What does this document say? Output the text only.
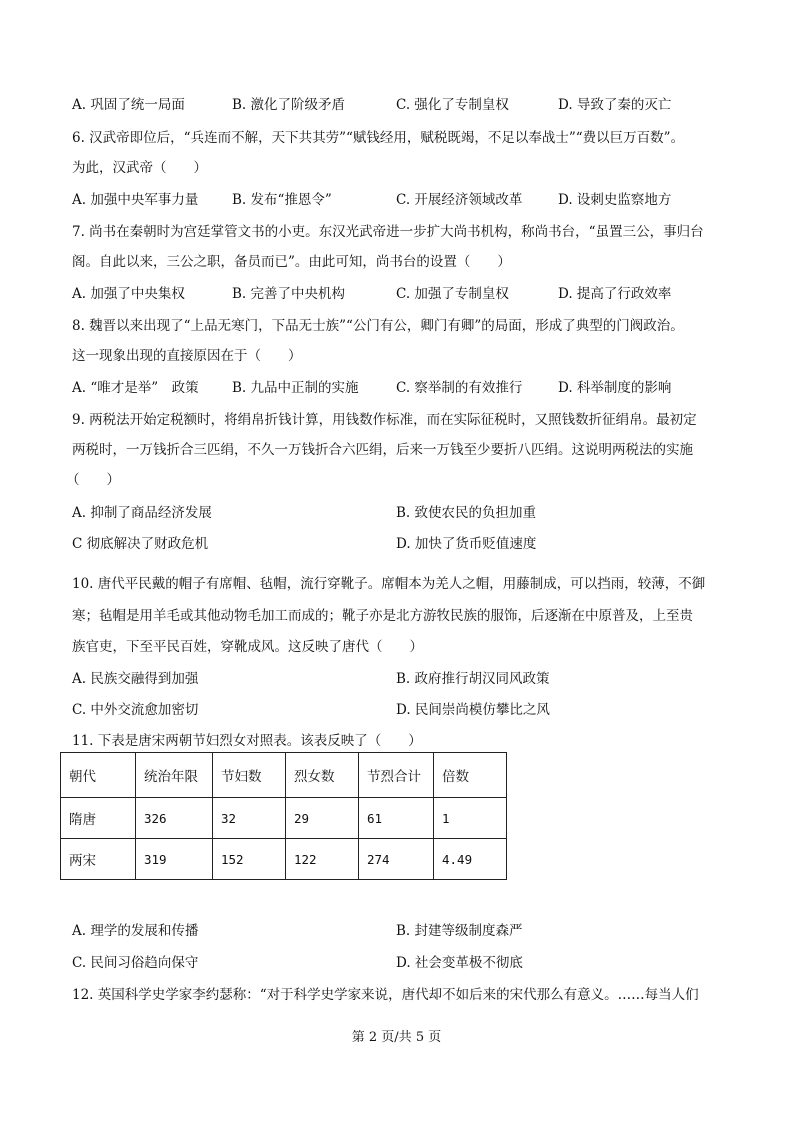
A. 巩固了统一局面	B. 激化了阶级矛盾	C. 强化了专制皇权	D. 导致了秦的灭亡
6. 汉武帝即位后，“兵连而不解，天下共其劳”“赋钱经用，赋税既竭，不足以奉战士”“费以巨万百数”。
为此，汉武帝（　　）
A. 加强中央军事力量 B. 发布“推恩令”	C. 开展经济领域改革	D. 设刺史监察地方
7. 尚书在秦朝时为宫廷掌管文书的小吏。东汉光武帝进一步扩大尚书机构，称尚书台，“虽置三公，事归台
阁。自此以来，三公之职，备员而已”。由此可知，尚书台的设置（　　）
A. 加强了中央集权	B. 完善了中央机构	C. 加强了专制皇权	D. 提高了行政效率
8. 魏晋以来出现了“上品无寒门，下品无士族”“公门有公，卿门有卿”的局面，形成了典型的门阀政治。
这一现象出现的直接原因在于（　　）
A. “唯才是举”　政策 B. 九品中正制的实施	C. 察举制的有效推行	D. 科举制度的影响
9. 两税法开始定税额时，将绢帛折钱计算，用钱数作标准，而在实际征税时，又照钱数折征绢帛。最初定
两税时，一万钱折合三匹绢，不久一万钱折合六匹绢，后来一万钱至少要折八匹绢。这说明两税法的实施
（　　）
A. 抑制了商品经济发展	B. 致使农民的负担加重
C 彻底解决了财政危机	D. 加快了货币贬值速度
10. 唐代平民戴的帽子有席帽、毡帽，流行穿靴子。席帽本为羌人之帽，用藤制成，可以挡雨，较薄，不御
寒；毡帽是用羊毛或其他动物毛加工而成的；靴子亦是北方游牧民族的服饰，后逐渐在中原普及，上至贵
族官吏，下至平民百姓，穿靴成风。这反映了唐代（　　）
A. 民族交融得到加强	B. 政府推行胡汉同风政策
C. 中外交流愈加密切	D. 民间崇尚模仿攀比之风
11. 下表是唐宋两朝节妇烈女对照表。该表反映了（　　）
朝代	统治年限	节妇数	烈女数	节烈合计	倍数
隋唐	326	32	29	61	1
两宋	319	152	122	274	4.49
A. 理学的发展和传播	B. 封建等级制度森严
C. 民间习俗趋向保守	D. 社会变革极不彻底
12. 英国科学史学家李约瑟称：“对于科学史学家来说，唐代却不如后来的宋代那么有意义。……每当人们
第 2 页/共 5 页
